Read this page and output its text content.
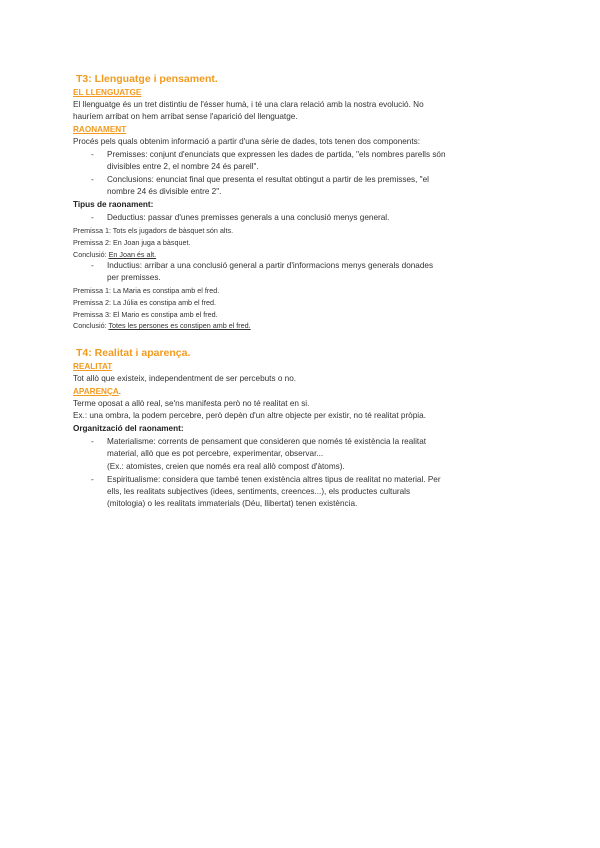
T3: Llenguatge i pensament.
EL LLENGUATGE
El llenguatge és un tret distintiu de l'ésser humà, i té una clara relació amb la nostra evolució. No
hauríem arribat on hem arribat sense l'aparició del llenguatge.
RAONAMENT
Procés pels quals obtenim informació a partir d'una sèrie de dades, tots tenen dos components:
- Premisses: conjunt d'enunciats que expressen les dades de partida, "els nombres parells són
divisibles entre 2, el nombre 24 és parell".
- Conclusions: enunciat final que presenta el resultat obtingut a partir de les premisses, "el
nombre 24 és divisible entre 2".
Tipus de raonament:
- Deductius: passar d'unes premisses generals a una conclusió menys general.
Premissa 1: Tots els jugadors de bàsquet són alts.
Premissa 2: En Joan juga a bàsquet.
Conclusió: En Joan és alt.
- Inductius: arribar a una conclusió general a partir d'informacions menys generals donades
per premisses.
Premissa 1: La Maria es constipa amb el fred.
Premissa 2: La Júlia es constipa amb el fred.
Premissa 3: El Mario es constipa amb el fred.
Conclusió: Totes les persones es constipen amb el fred.
T4: Realitat i aparença.
REALITAT
Tot allò que existeix, independentment de ser percebuts o no.
APARENÇA.
Terme oposat a allò real, se'ns manifesta però no té realitat en si.
Ex.: una ombra, la podem percebre, però depèn d'un altre objecte per existir, no té realitat pròpia.
Organització del raonament:
- Materialisme: corrents de pensament que consideren que només té existència la realitat
material, allò que es pot percebre, experimentar, observar...
(Ex.: atomistes, creien que només era real allò compost d'àtoms).
- Espiritualisme: considera que també tenen existència altres tipus de realitat no material. Per
ells, les realitats subjectives (idees, sentiments, creences...), els productes culturals
(mitologia) o les realitats immaterials (Déu, llibertat) tenen existència.
